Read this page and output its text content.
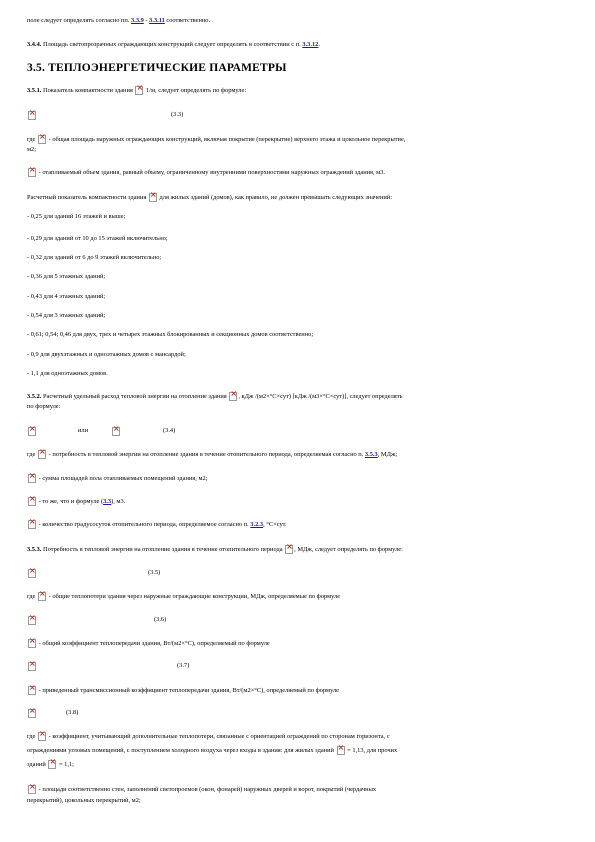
поле следует определять согласно пп. 3.3.9 - 3.3.11 соответственно.
3.4.4. Площадь светопрозрачных ограждающих конструкций следует определять в соответствии с п. 3.3.12.
3.5. ТЕПЛОЭНЕРГЕТИЧЕСКИЕ ПАРАМЕТРЫ
3.5.1. Показатель компактности здания × 1/м, следует определять по формуле:
×
(3.3)
где × - общая площадь наружных ограждающих конструкций, включая покрытие (перекрытие) верхнего этажа и цокольное перекрытие,
м2;
× - отапливаемый объем здания, равный объему, ограниченному внутренними поверхностями наружных ограждений здания, м3.
Расчетный показатель компактности здания × для жилых зданий (домов), как правило, не должен превышать следующих значений:
- 0,25 для зданий 16 этажей и выше;
- 0,29 для зданий от 10 до 15 этажей включительно;
- 0,32 для зданий от 6 до 9 этажей включительно;
- 0,36 для 5 этажных зданий;
- 0,43 для 4 этажных зданий;
- 0,54 для 3 этажных зданий;
- 0,61; 0,54; 0,46 для двух, трех и четырех этажных блокированных и секционных домов соответственно;
- 0,9 для двухэтажных и одноэтажных домов с мансардой;
- 1,1 для одноэтажных домов.
3.5.2. Расчетный удельный расход тепловой энергии на отопление здания ×, кДж /(м2×°С×сут) [кДж /(м3×°С×сут)], следует определять
по формуле:
×
или
×	(3.4)
где × - потребность в тепловой энергии на отопление здания в течение отопительного периода, определяемая согласно п. 3.5.3, МДж;
× - сумма площадей пола отапливаемых помещений здания, м2;
× - то же, что и формуле (3.3), м3.
× - количество градусосуток отопительного периода, определяемое согласно п. 3.2.3, °С×сут.
3.5.3. Потребность в тепловой энергии на отопление здания в течение отопительного периода ×, МДж, следует определять по формуле:
×
(3.5)
где × - общие теплопотери здания через наружные ограждающие конструкции, МДж, определяемые по формуле
×
(3.6)
× - общий коэффициент теплопередачи здания, Вт/(м2×°С), определяемый по формуле
×
(3.7)
× - приведенный трансмиссионный коэффициент теплопередачи здания, Вт/(м2×°С), определяемый по формуле
×
(3.8)
где × - коэффициент, учитывающий дополнительные теплопотери, связанные с ориентацией ограждений по сторонам горизонта, с
ограждениями угловых помещений, с поступлением холодного воздуха через входы в здания: для жилых зданий × = 1,13, для прочих
зданий × = 1,1;
× - площади соответственно стен, заполнений светопроемов (окон, фонарей) наружных дверей и ворот, покрытий (чердачных
перекрытий), цокольных перекрытий, м2;
